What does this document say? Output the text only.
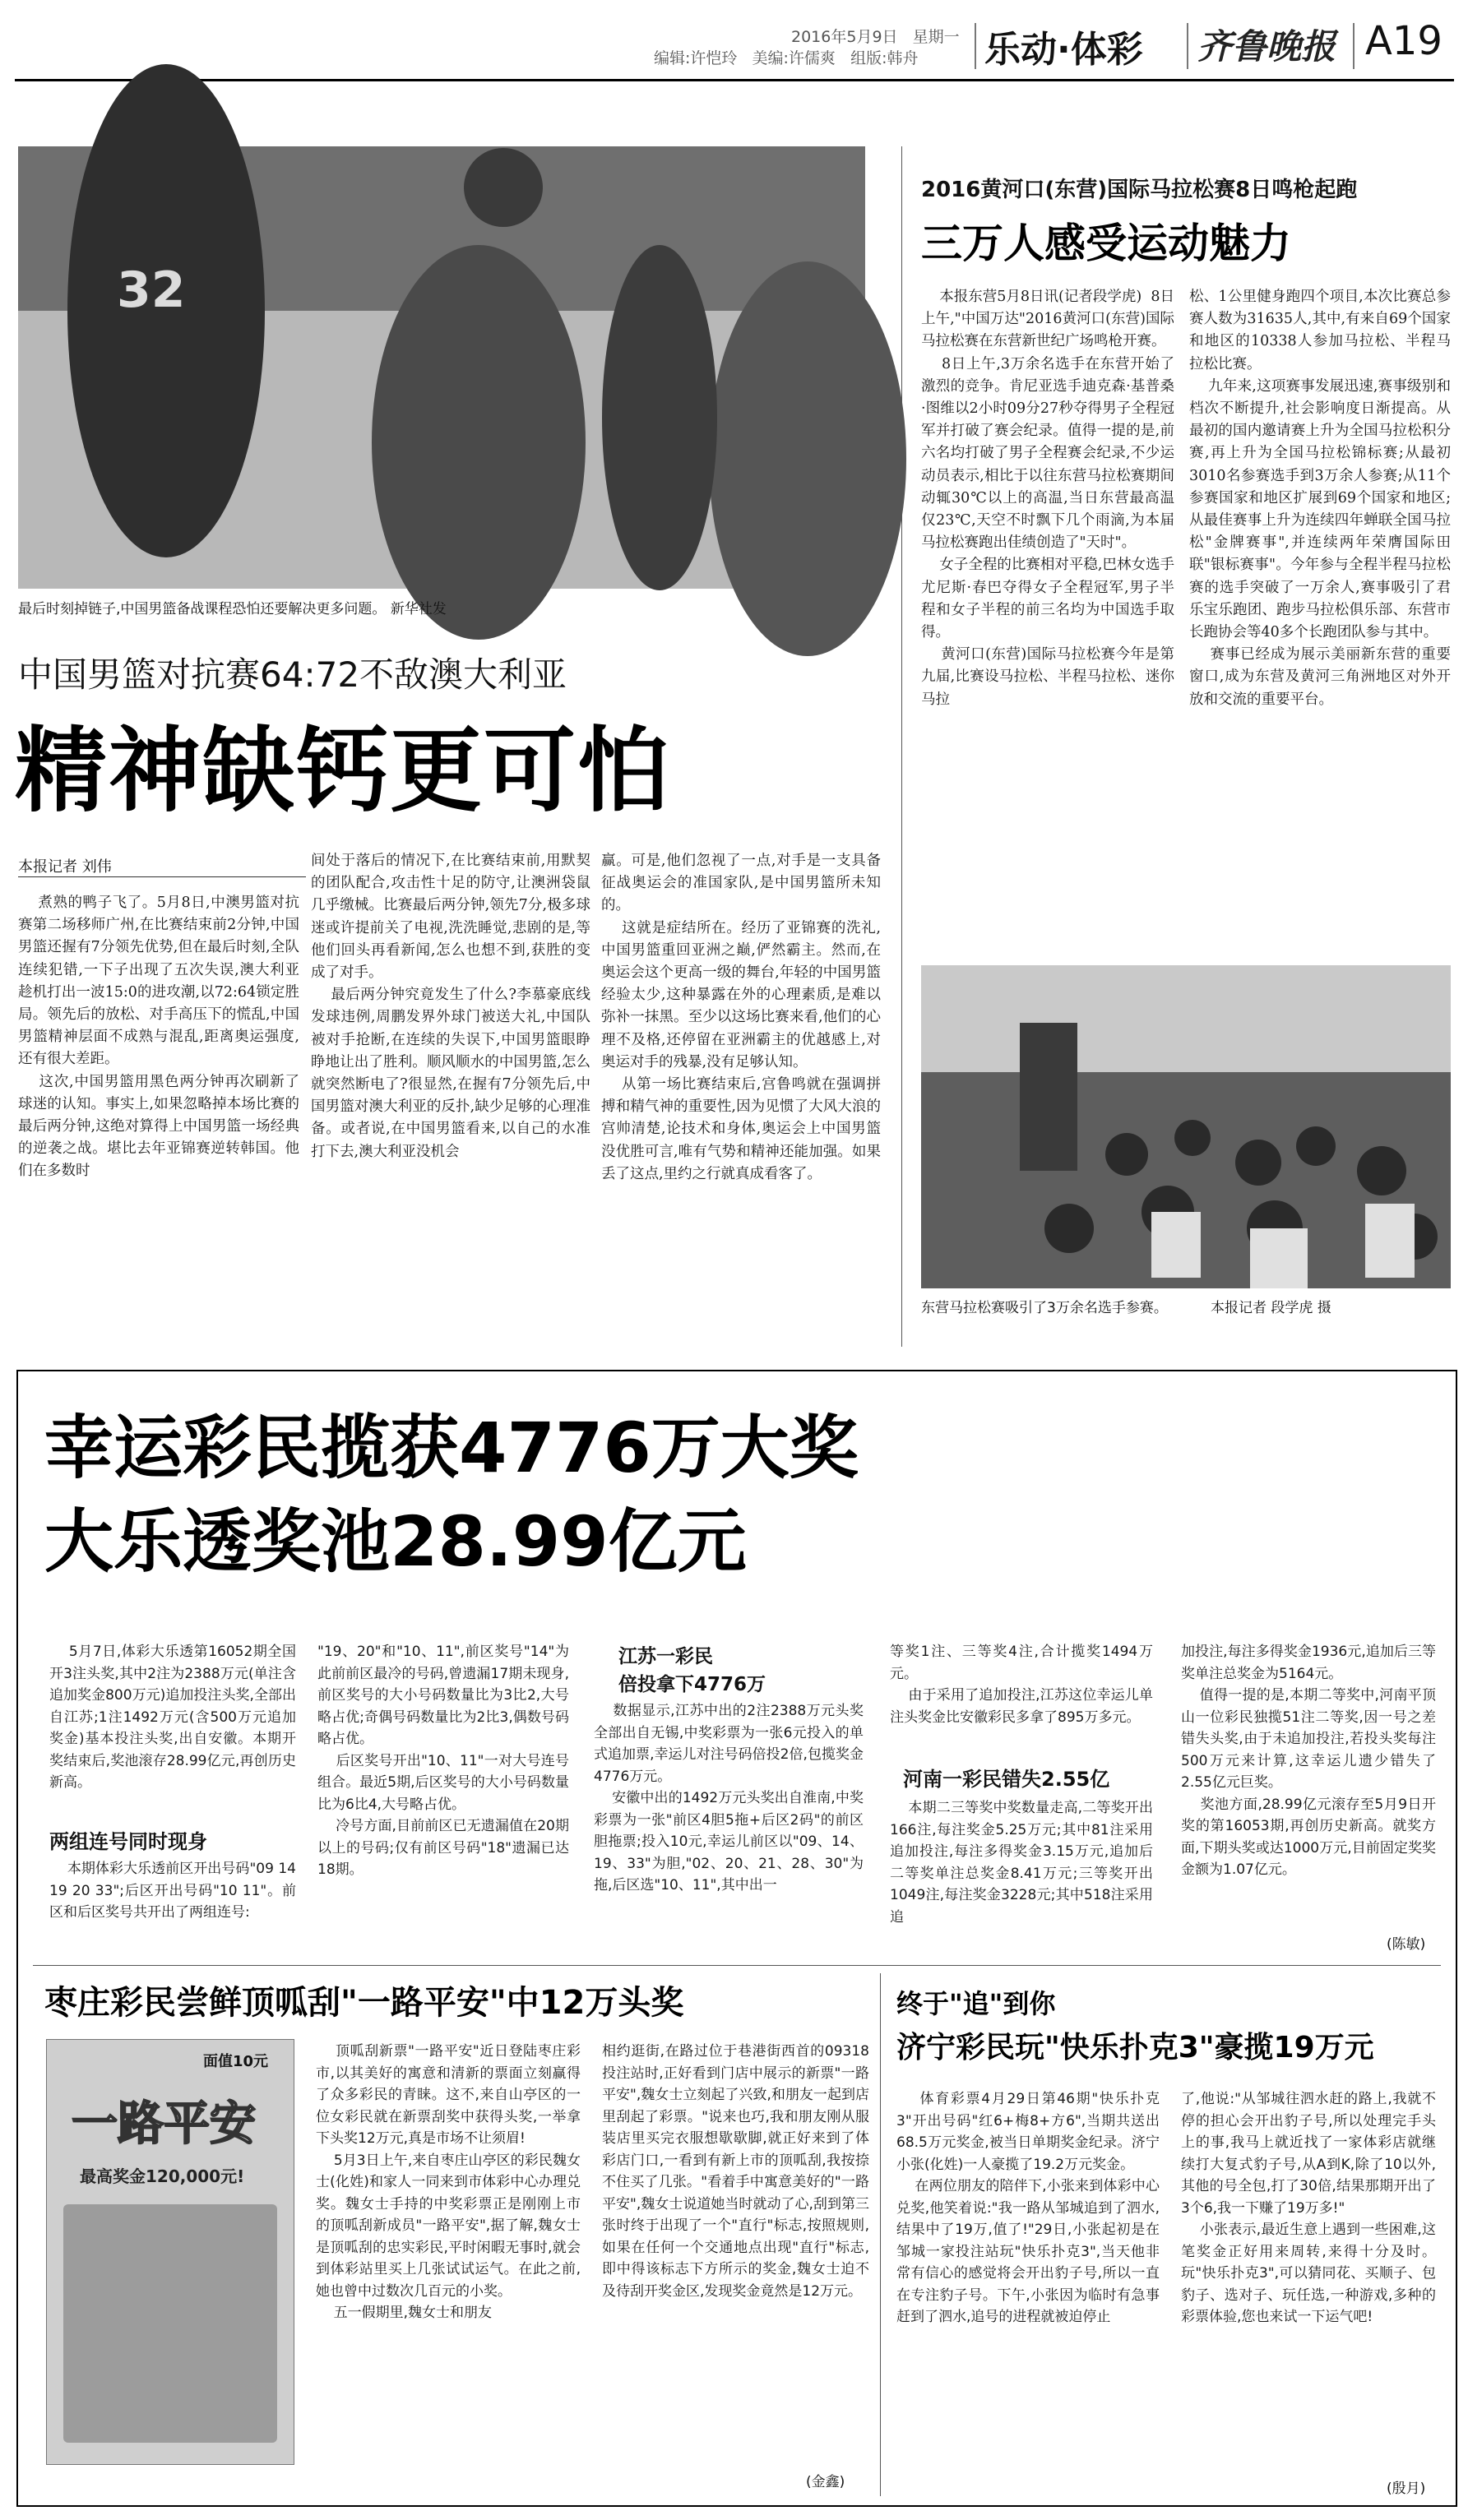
2016年5月9日 星期一
编辑:许恺玲 美编:许儒爽 组版:韩舟 乐动·体彩 齐鲁晚报 A19
32
最后时刻掉链子,中国男篮备战课程恐怕还要解决更多问题。 新华社发
中国男篮对抗赛64:72不敌澳大利亚
精神缺钙更可怕
本报记者 刘伟
煮熟的鸭子飞了。5月8日,中澳男篮对抗赛第二场移师广州,在比赛结束前2分钟,中国男篮还握有7分领先优势,但在最后时刻,全队连续犯错,一下子出现了五次失误,澳大利亚趁机打出一波15:0的进攻潮,以72:64锁定胜局。领先后的放松、对手高压下的慌乱,中国男篮精神层面不成熟与混乱,距离奥运强度,还有很大差距。
这次,中国男篮用黑色两分钟再次刷新了球迷的认知。事实上,如果忽略掉本场比赛的最后两分钟,这绝对算得上中国男篮一场经典的逆袭之战。堪比去年亚锦赛逆转韩国。他们在多数时
间处于落后的情况下,在比赛结束前,用默契的团队配合,攻击性十足的防守,让澳洲袋鼠几乎缴械。比赛最后两分钟,领先7分,极多球迷或许提前关了电视,洗洗睡觉,悲剧的是,等他们回头再看新闻,怎么也想不到,获胜的变成了对手。
最后两分钟究竟发生了什么?李慕豪底线发球违例,周鹏发界外球门被送大礼,中国队被对手抢断,在连续的失误下,中国男篮眼睁睁地让出了胜利。顺风顺水的中国男篮,怎么就突然断电了?很显然,在握有7分领先后,中国男篮对澳大利亚的反扑,缺少足够的心理准备。或者说,在中国男篮看来,以自己的水准打下去,澳大利亚没机会
赢。可是,他们忽视了一点,对手是一支具备征战奥运会的准国家队,是中国男篮所未知的。
这就是症结所在。经历了亚锦赛的洗礼,中国男篮重回亚洲之巅,俨然霸主。然而,在奥运会这个更高一级的舞台,年轻的中国男篮经验太少,这种暴露在外的心理素质,是难以弥补一抹黑。至少以这场比赛来看,他们的心理不及格,还停留在亚洲霸主的优越感上,对奥运对手的残暴,没有足够认知。
从第一场比赛结束后,宫鲁鸣就在强调拼搏和精气神的重要性,因为见惯了大风大浪的宫帅清楚,论技术和身体,奥运会上中国男篮没优胜可言,唯有气势和精神还能加强。如果丢了这点,里约之行就真成看客了。
2016黄河口(东营)国际马拉松赛8日鸣枪起跑
三万人感受运动魅力
本报东营5月8日讯(记者段学虎)  8日上午,"中国万达"2016黄河口(东营)国际马拉松赛在东营新世纪广场鸣枪开赛。
8日上午,3万余名选手在东营开始了激烈的竞争。肯尼亚选手迪克森·基普桑·图维以2小时09分27秒夺得男子全程冠军并打破了赛会纪录。值得一提的是,前六名均打破了男子全程赛会纪录,不少运动员表示,相比于以往东营马拉松赛期间动辄30℃以上的高温,当日东营最高温仅23℃,天空不时飘下几个雨滴,为本届马拉松赛跑出佳绩创造了"天时"。
女子全程的比赛相对平稳,巴林女选手尤尼斯·春巴夺得女子全程冠军,男子半程和女子半程的前三名均为中国选手取得。
黄河口(东营)国际马拉松赛今年是第九届,比赛设马拉松、半程马拉松、迷你马拉
松、1公里健身跑四个项目,本次比赛总参赛人数为31635人,其中,有来自69个国家和地区的10338人参加马拉松、半程马拉松比赛。
九年来,这项赛事发展迅速,赛事级别和档次不断提升,社会影响度日渐提高。从最初的国内邀请赛上升为全国马拉松积分赛,再上升为全国马拉松锦标赛;从最初3010名参赛选手到3万余人参赛;从11个参赛国家和地区扩展到69个国家和地区;从最佳赛事上升为连续四年蝉联全国马拉松"金牌赛事",并连续两年荣膺国际田联"银标赛事"。今年参与全程半程马拉松赛的选手突破了一万余人,赛事吸引了君乐宝乐跑团、跑步马拉松俱乐部、东营市长跑协会等40多个长跑团队参与其中。
赛事已经成为展示美丽新东营的重要窗口,成为东营及黄河三角洲地区对外开放和交流的重要平台。
东营马拉松赛吸引了3万余名选手参赛。	本报记者 段学虎 摄
幸运彩民揽获4776万大奖
大乐透奖池28.99亿元
5月7日,体彩大乐透第16052期全国开3注头奖,其中2注为2388万元(单注含追加奖金800万元)追加投注头奖,全部出自江苏;1注1492万元(含500万元追加奖金)基本投注头奖,出自安徽。本期开奖结束后,奖池滚存28.99亿元,再创历史新高。
两组连号同时现身
本期体彩大乐透前区开出号码"09 14 19 20 33";后区开出号码"10 11"。前区和后区奖号共开出了两组连号:
"19、20"和"10、11",前区奖号"14"为此前前区最冷的号码,曾遗漏17期未现身,前区奖号的大小号码数量比为3比2,大号略占优;奇偶号码数量比为2比3,偶数号码略占优。
后区奖号开出"10、11"一对大号连号组合。最近5期,后区奖号的大小号码数量比为6比4,大号略占优。
冷号方面,目前前区已无遗漏值在20期以上的号码;仅有前区号码"18"遗漏已达18期。
江苏一彩民
倍投拿下4776万
数据显示,江苏中出的2注2388万元头奖全部出自无锡,中奖彩票为一张6元投入的单式追加票,幸运儿对注号码倍投2倍,包揽奖金4776万元。
安徽中出的1492万元头奖出自淮南,中奖彩票为一张"前区4胆5拖+后区2码"的前区胆拖票;投入10元,幸运儿前区以"09、14、19、33"为胆,"02、20、21、28、30"为拖,后区选"10、11",其中出一
等奖1注、三等奖4注,合计揽奖1494万元。
由于采用了追加投注,江苏这位幸运儿单注头奖金比安徽彩民多拿了895万多元。
河南一彩民错失2.55亿
本期二三等奖中奖数量走高,二等奖开出166注,每注奖金5.25万元;其中81注采用追加投注,每注多得奖金3.15万元,追加后二等奖单注总奖金8.41万元;三等奖开出1049注,每注奖金3228元;其中518注采用追
加投注,每注多得奖金1936元,追加后三等奖单注总奖金为5164元。
值得一提的是,本期二等奖中,河南平顶山一位彩民独揽51注二等奖,因一号之差错失头奖,由于未追加投注,若投头奖每注500万元来计算,这幸运儿遗少错失了2.55亿元巨奖。
奖池方面,28.99亿元滚存至5月9日开奖的第16053期,再创历史新高。就奖方面,下期头奖或达1000万元,目前固定奖奖金额为1.07亿元。
(陈敏)
枣庄彩民尝鲜顶呱刮"一路平安"中12万头奖
面值10元
一路平安
最高奖金120,000元!
顶呱刮新票"一路平安"近日登陆枣庄彩市,以其美好的寓意和清新的票面立刻赢得了众多彩民的青睐。这不,来自山亭区的一位女彩民就在新票刮奖中获得头奖,一举拿下头奖12万元,真是市场不让须眉!
5月3日上午,来自枣庄山亭区的彩民魏女士(化姓)和家人一同来到市体彩中心办理兑奖。魏女士手持的中奖彩票正是刚刚上市的顶呱刮新成员"一路平安",据了解,魏女士是顶呱刮的忠实彩民,平时闲暇无事时,就会到体彩站里买上几张试试运气。在此之前,她也曾中过数次几百元的小奖。
五一假期里,魏女士和朋友
相约逛街,在路过位于巷港街西首的09318投注站时,正好看到门店中展示的新票"一路平安",魏女士立刻起了兴致,和朋友一起到店里刮起了彩票。"说来也巧,我和朋友刚从服装店里买完衣服想歇歇脚,就正好来到了体彩店门口,一看到有新上市的顶呱刮,我按捺不住买了几张。"看着手中寓意美好的"一路平安",魏女士说道她当时就动了心,刮到第三张时终于出现了一个"直行"标志,按照规则,如果在任何一个交通地点出现"直行"标志,即中得该标志下方所示的奖金,魏女士迫不及待刮开奖金区,发现奖金竟然是12万元。
(金鑫)
终于"追"到你
济宁彩民玩"快乐扑克3"豪揽19万元
体育彩票4月29日第46期"快乐扑克3"开出号码"红6+梅8+方6",当期共送出68.5万元奖金,被当日单期奖金纪录。济宁小张(化姓)一人豪揽了19.2万元奖金。
在两位朋友的陪伴下,小张来到体彩中心兑奖,他笑着说:"我一路从邹城追到了泗水,结果中了19万,值了!"29日,小张起初是在邹城一家投注站玩"快乐扑克3",当天他非常有信心的感觉将会开出豹子号,所以一直在专注豹子号。下午,小张因为临时有急事赶到了泗水,追号的进程就被迫停止
了,他说:"从邹城往泗水赶的路上,我就不停的担心会开出豹子号,所以处理完手头上的事,我马上就近找了一家体彩店就继续打大复式豹子号,从A到K,除了10以外,其他的号全包,打了30倍,结果那期开出了3个6,我一下赚了19万多!"
小张表示,最近生意上遇到一些困难,这笔奖金正好用来周转,来得十分及时。玩"快乐扑克3",可以猜同花、买顺子、包豹子、选对子、玩任选,一种游戏,多种的彩票体验,您也来试一下运气吧!
(殷月)
